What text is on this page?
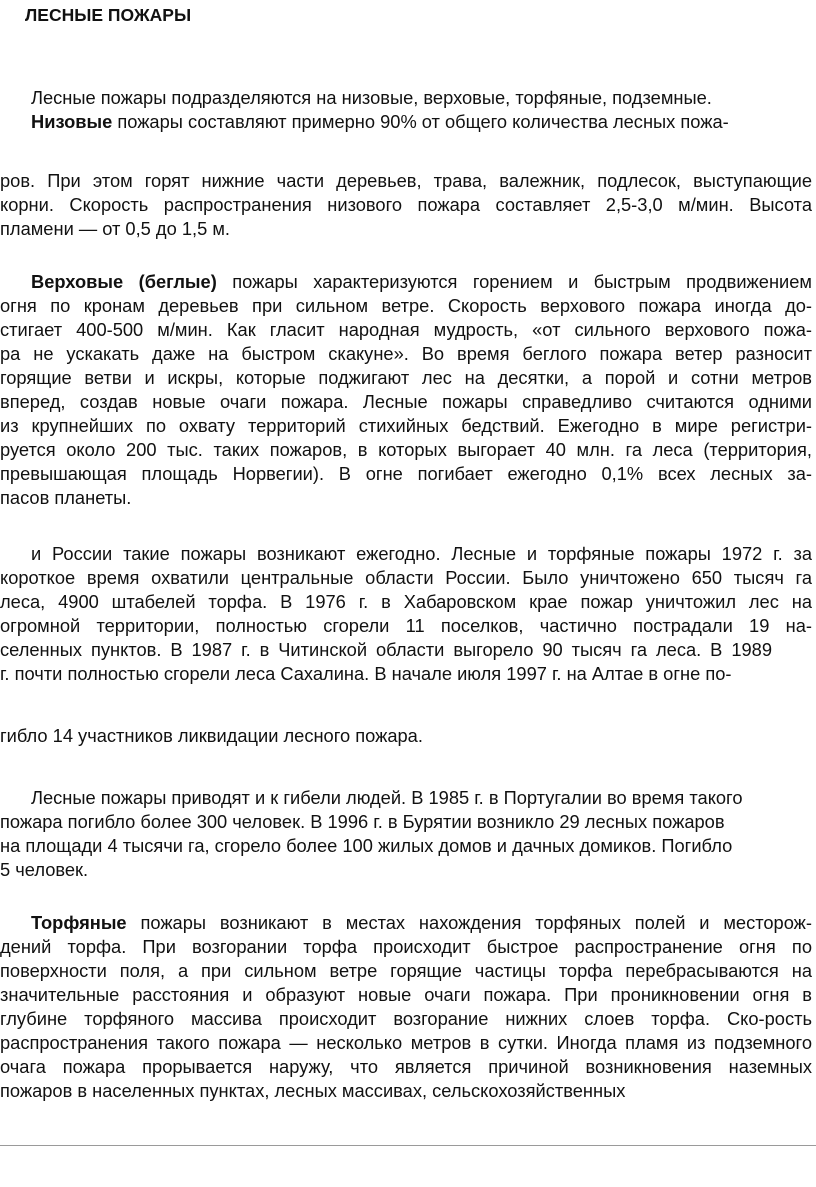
ЛЕСНЫЕ ПОЖАРЫ
Лесные пожары подразделяются на низовые, верховые, торфяные, подземные.
Низовые пожары составляют примерно 90% от общего количества лесных пожа-
ров. При этом горят нижние части деревьев, трава, валежник, подлесок, выступающие
корни. Скорость распространения низового пожара составляет 2,5-3,0 м/мин. Высота
пламени — от 0,5 до 1,5 м.
Верховые (беглые) пожары характеризуются горением и быстрым продвижением
огня по кронам деревьев при сильном ветре. Скорость верхового пожара иногда до-
стигает 400-500 м/мин. Как гласит народная мудрость, «от сильного верхового пожа-
ра не ускакать даже на быстром скакуне». Во время беглого пожара ветер разносит
горящие ветви и искры, которые поджигают лес на десятки, а порой и сотни метров
вперед, создав новые очаги пожара. Лесные пожары справедливо считаются одними
из крупнейших по охвату территорий стихийных бедствий. Ежегодно в мире регистри-
руется около 200 тыс. таких пожаров, в которых выгорает 40 млн. га леса (территория,
превышающая площадь Норвегии). В огне погибает ежегодно 0,1% всех лесных за-
пасов планеты.
и России такие пожары возникают ежегодно. Лесные и торфяные пожары 1972 г. за
короткое время охватили центральные области России. Было уничтожено 650 тысяч га
леса, 4900 штабелей торфа. В 1976 г. в Хабаровском крае пожар уничтожил лес на
огромной территории, полностью сгорели 11 поселков, частично пострадали 19 на-
селенных пунктов. В 1987 г. в Читинской области выгорело 90 тысяч га леса. В 1989
г. почти полностью сгорели леса Сахалина. В начале июля 1997 г. на Алтае в огне по-
гибло 14 участников ликвидации лесного пожара.
Лесные пожары приводят и к гибели людей. В 1985 г. в Португалии во время такого
пожара погибло более 300 человек. В 1996 г. в Бурятии возникло 29 лесных пожаров
на площади 4 тысячи га, сгорело более 100 жилых домов и дачных домиков. Погибло
5 человек.
Торфяные пожары возникают в местах нахождения торфяных полей и месторож-
дений торфа. При возгорании торфа происходит быстрое распространение огня по
поверхности поля, а при сильном ветре горящие частицы торфа перебрасываются на
значительные расстояния и образуют новые очаги пожара. При проникновении огня в
глубине торфяного массива происходит возгорание нижних слоев торфа. Ско-рость
распространения такого пожара — несколько метров в сутки. Иногда пламя из подземного
очага пожара прорывается наружу, что является причиной возникновения наземных
пожаров в населенных пунктах, лесных массивах, сельскохозяйственных
